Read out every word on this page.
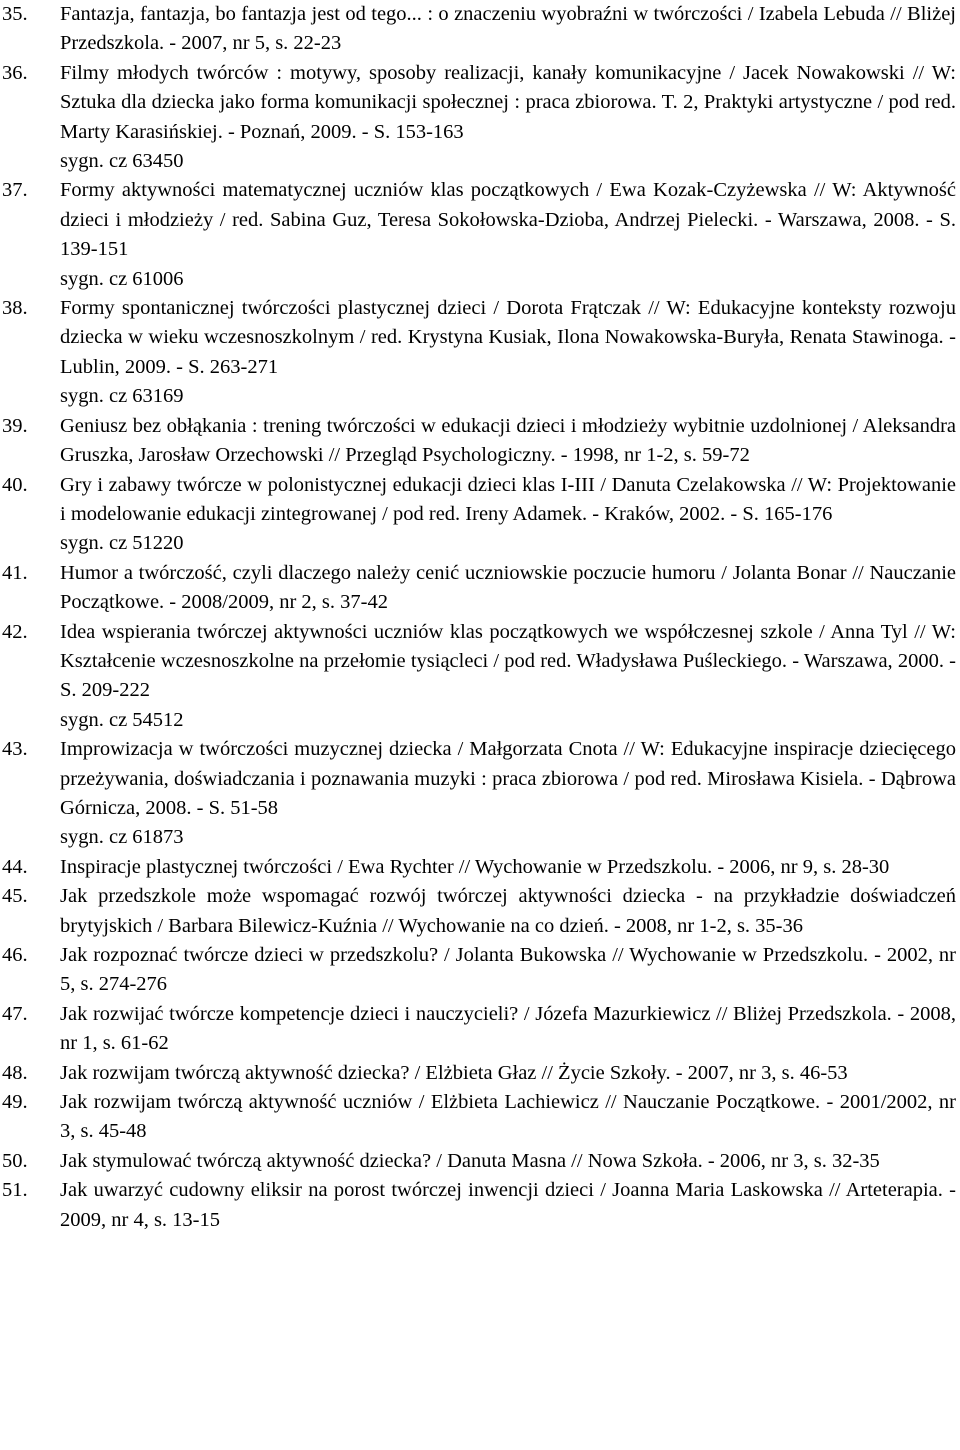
35. Fantazja, fantazja, bo fantazja jest od tego... : o znaczeniu wyobraźni w twórczości / Izabela Lebuda // Bliżej Przedszkola. - 2007, nr 5, s. 22-23
36. Filmy młodych twórców : motywy, sposoby realizacji, kanały komunikacyjne / Jacek Nowakowski // W: Sztuka dla dziecka jako forma komunikacji społecznej : praca zbiorowa. T. 2, Praktyki artystyczne / pod red. Marty Karasińskiej. - Poznań, 2009. - S. 153-163
sygn. cz 63450
37. Formy aktywności matematycznej uczniów klas początkowych / Ewa Kozak-Czyżewska // W: Aktywność dzieci i młodzieży / red. Sabina Guz, Teresa Sokołowska-Dzioba, Andrzej Pielecki. - Warszawa, 2008. - S. 139-151
sygn. cz 61006
38. Formy spontanicznej twórczości plastycznej dzieci / Dorota Frątczak // W: Edukacyjne konteksty rozwoju dziecka w wieku wczesnoszkolnym / red. Krystyna Kusiak, Ilona Nowakowska-Buryła, Renata Stawinoga. - Lublin, 2009. - S. 263-271
sygn. cz 63169
39. Geniusz bez obłąkania : trening twórczości w edukacji dzieci i młodzieży wybitnie uzdolnionej / Aleksandra Gruszka, Jarosław Orzechowski // Przegląd Psychologiczny. - 1998, nr 1-2, s. 59-72
40. Gry i zabawy twórcze w polonistycznej edukacji dzieci klas I-III / Danuta Czelakowska // W: Projektowanie i modelowanie edukacji zintegrowanej / pod red. Ireny Adamek. - Kraków, 2002. - S. 165-176
sygn. cz 51220
41. Humor a twórczość, czyli dlaczego należy cenić uczniowskie poczucie humoru / Jolanta Bonar // Nauczanie Początkowe. - 2008/2009, nr 2, s. 37-42
42. Idea wspierania twórczej aktywności uczniów klas początkowych we współczesnej szkole / Anna Tyl // W: Kształcenie wczesnoszkolne na przełomie tysiącleci / pod red. Władysława Puśleckiego. - Warszawa, 2000. - S. 209-222
sygn. cz 54512
43. Improwizacja w twórczości muzycznej dziecka / Małgorzata Cnota // W: Edukacyjne inspiracje dziecięcego przeżywania, doświadczania i poznawania muzyki : praca zbiorowa / pod red. Mirosława Kisiela. - Dąbrowa Górnicza, 2008. - S. 51-58
sygn. cz 61873
44. Inspiracje plastycznej twórczości / Ewa Rychter // Wychowanie w Przedszkolu. - 2006, nr 9, s. 28-30
45. Jak przedszkole może wspomagać rozwój twórczej aktywności dziecka - na przykładzie doświadczeń brytyjskich / Barbara Bilewicz-Kuźnia // Wychowanie na co dzień. - 2008, nr 1-2, s. 35-36
46. Jak rozpoznać twórcze dzieci w przedszkolu? / Jolanta Bukowska // Wychowanie w Przedszkolu. - 2002, nr 5, s. 274-276
47. Jak rozwijać twórcze kompetencje dzieci i nauczycieli? / Józefa Mazurkiewicz // Bliżej Przedszkola. - 2008, nr 1, s. 61-62
48. Jak rozwijam twórczą aktywność dziecka? / Elżbieta Głaz // Życie Szkoły. - 2007, nr 3, s. 46-53
49. Jak rozwijam twórczą aktywność uczniów / Elżbieta Lachiewicz // Nauczanie Początkowe. - 2001/2002, nr 3, s. 45-48
50. Jak stymulować twórczą aktywność dziecka? / Danuta Masna // Nowa Szkoła. - 2006, nr 3, s. 32-35
51. Jak uwarzyć cudowny eliksir na porost twórczej inwencji dzieci / Joanna Maria Laskowska // Arteterapia. - 2009, nr 4, s. 13-15
